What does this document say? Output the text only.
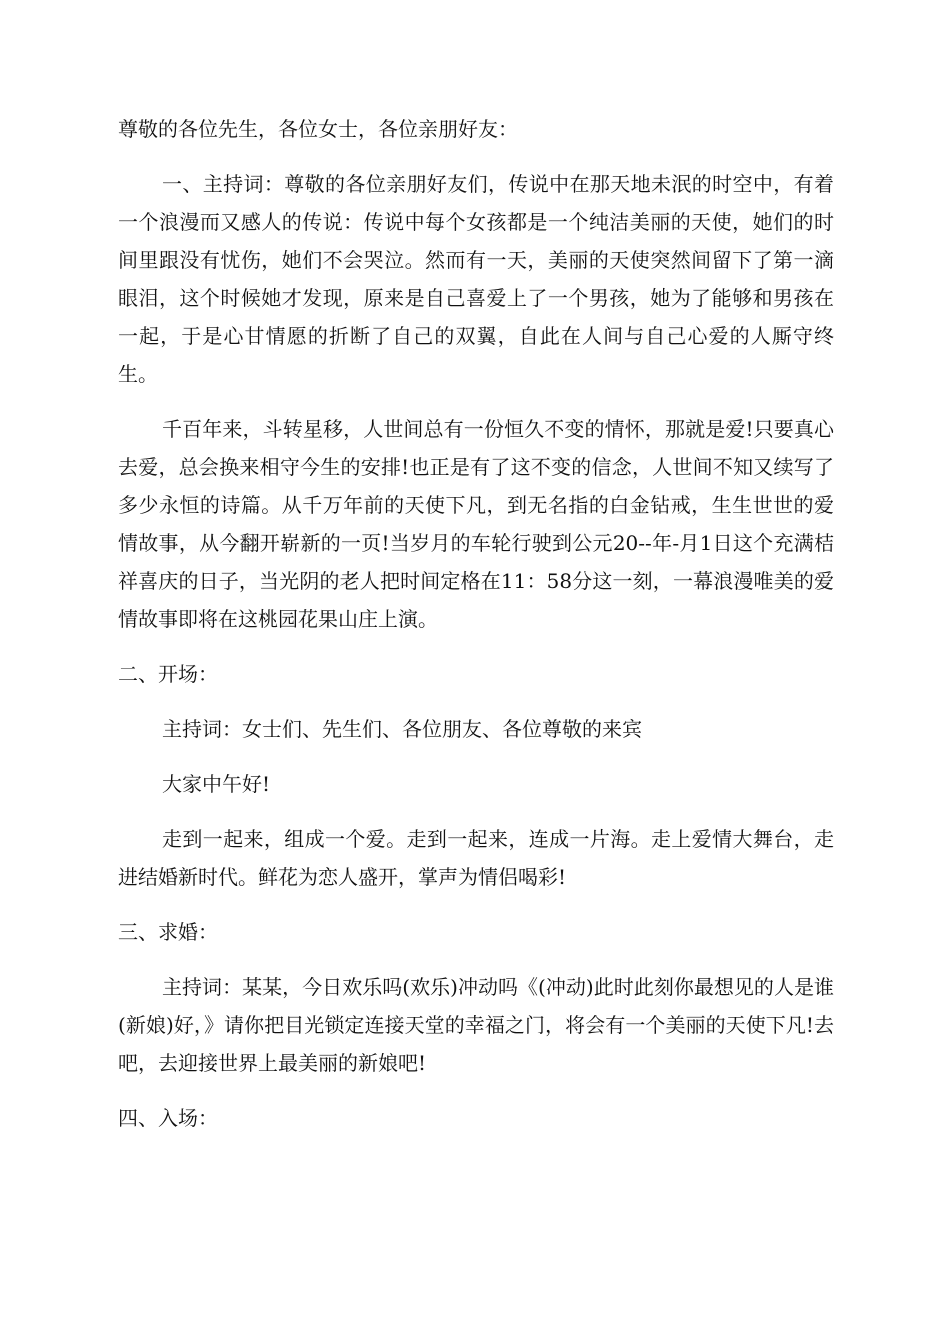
尊敬的各位先生，各位女士，各位亲朋好友：

一、主持词：尊敬的各位亲朋好友们，传说中在那天地未泯的时空中，有着一个浪漫而又感人的传说：传说中每个女孩都是一个纯洁美丽的天使，她们的时间里跟没有忧伤，她们不会哭泣。然而有一天，美丽的天使突然间留下了第一滴眼泪，这个时候她才发现，原来是自己喜爱上了一个男孩，她为了能够和男孩在一起，于是心甘情愿的折断了自己的双翼，自此在人间与自己心爱的人厮守终生。

千百年来，斗转星移，人世间总有一份恒久不变的情怀，那就是爱!只要真心去爱，总会换来相守今生的安排!也正是有了这不变的信念，人世间不知又续写了多少永恒的诗篇。从千万年前的天使下凡，到无名指的白金钻戒，生生世世的爱情故事，从今翻开崭新的一页!当岁月的车轮行驶到公元20--年-月1日这个充满桔祥喜庆的日子，当光阴的老人把时间定格在11：58分这一刻，一幕浪漫唯美的爱情故事即将在这桃园花果山庄上演。

二、开场：

主持词：女士们、先生们、各位朋友、各位尊敬的来宾

大家中午好!

走到一起来，组成一个爱。走到一起来，连成一片海。走上爱情大舞台，走进结婚新时代。鲜花为恋人盛开，掌声为情侣喝彩!

三、求婚：

主持词：某某，今日欢乐吗(欢乐)冲动吗《(冲动)此时此刻你最想见的人是谁(新娘)好，》请你把目光锁定连接天堂的幸福之门，将会有一个美丽的天使下凡!去吧，去迎接世界上最美丽的新娘吧!

四、入场：
